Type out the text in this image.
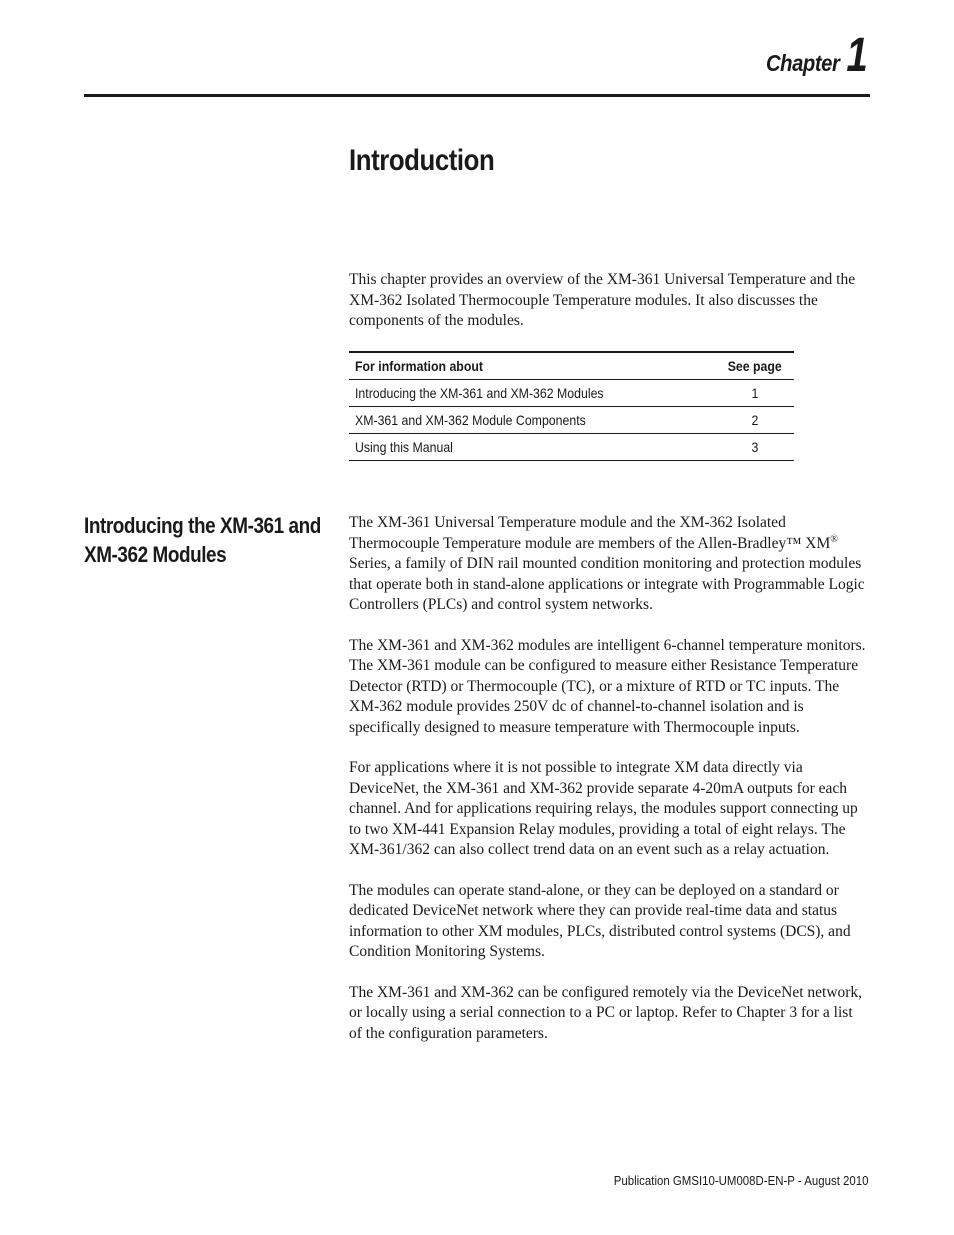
Chapter 1
Introduction

This chapter provides an overview of the XM-361 Universal Temperature and the XM-362 Isolated Thermocouple Temperature modules. It also discusses the components of the modules.

For information about	See page
Introducing the XM-361 and XM-362 Modules	1
XM-361 and XM-362 Module Components	2
Using this Manual	3
Introducing the XM-361 and
XM-362 Modules

The XM-361 Universal Temperature module and the XM-362 Isolated Thermocouple Temperature module are members of the Allen-Bradley™ XM® Series, a family of DIN rail mounted condition monitoring and protection modules that operate both in stand-alone applications or integrate with Programmable Logic Controllers (PLCs) and control system networks.

The XM-361 and XM-362 modules are intelligent 6-channel temperature monitors. The XM-361 module can be configured to measure either Resistance Temperature Detector (RTD) or Thermocouple (TC), or a mixture of RTD or TC inputs. The XM-362 module provides 250V dc of channel-to-channel isolation and is specifically designed to measure temperature with Thermocouple inputs.

For applications where it is not possible to integrate XM data directly via DeviceNet, the XM-361 and XM-362 provide separate 4-20mA outputs for each channel. And for applications requiring relays, the modules support connecting up to two XM-441 Expansion Relay modules, providing a total of eight relays. The XM-361/362 can also collect trend data on an event such as a relay actuation.

The modules can operate stand-alone, or they can be deployed on a standard or dedicated DeviceNet network where they can provide real-time data and status information to other XM modules, PLCs, distributed control systems (DCS), and Condition Monitoring Systems.

The XM-361 and XM-362 can be configured remotely via the DeviceNet network, or locally using a serial connection to a PC or laptop. Refer to Chapter 3 for a list of the configuration parameters.

Publication GMSI10-UM008D-EN-P - August 2010
